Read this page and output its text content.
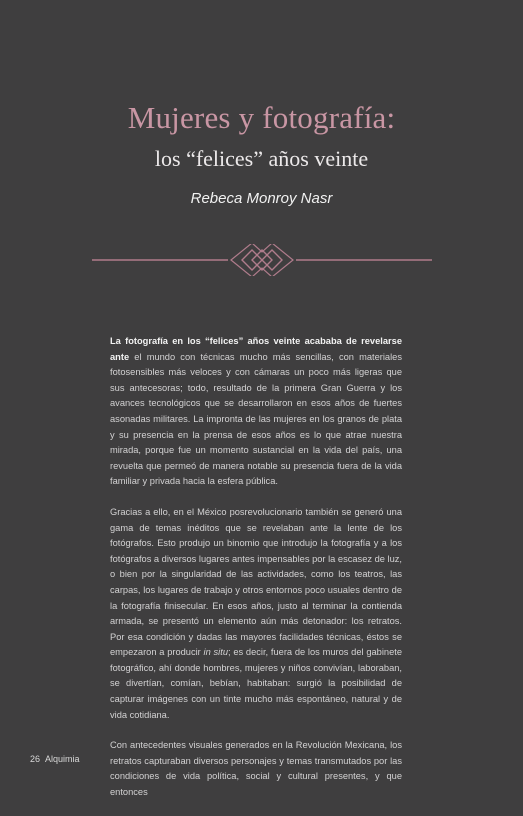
Mujeres y fotografía:
los “felices” años veinte
Rebeca Monroy Nasr

La fotografía en los “felices” años veinte acababa de revelarse ante el mundo con técnicas mucho más sencillas, con materiales fotosensibles más veloces y con cámaras un poco más ligeras que sus antecesoras; todo, resultado de la primera Gran Guerra y los avances tecnológicos que se desarrollaron en esos años de fuertes asonadas militares. La impronta de las mujeres en los granos de plata y su presencia en la prensa de esos años es lo que atrae nuestra mirada, porque fue un momento sustancial en la vida del país, una revuelta que permeó de manera notable su presencia fuera de la vida familiar y privada hacia la esfera pública.

Gracias a ello, en el México posrevolucionario también se generó una gama de temas inéditos que se revelaban ante la lente de los fotógrafos. Esto produjo un binomio que introdujo la fotografía y a los fotógrafos a diversos lugares antes impensables por la escasez de luz, o bien por la singularidad de las actividades, como los teatros, las carpas, los lugares de trabajo y otros entornos poco usuales dentro de la fotografía finisecular. En esos años, justo al terminar la contienda armada, se presentó un elemento aún más detonador: los retratos. Por esa condición y dadas las mayores facilidades técnicas, éstos se empezaron a producir in situ; es decir, fuera de los muros del gabinete fotográfico, ahí donde hombres, mujeres y niños convivían, laboraban, se divertían, comían, bebían, habitaban: surgió la posibilidad de capturar imágenes con un tinte mucho más espontáneo, natural y de vida cotidiana.

Con antecedentes visuales generados en la Revolución Mexicana, los retratos capturaban diversos personajes y temas transmutados por las condiciones de vida política, social y cultural presentes, y que entonces

26 Alquimia
